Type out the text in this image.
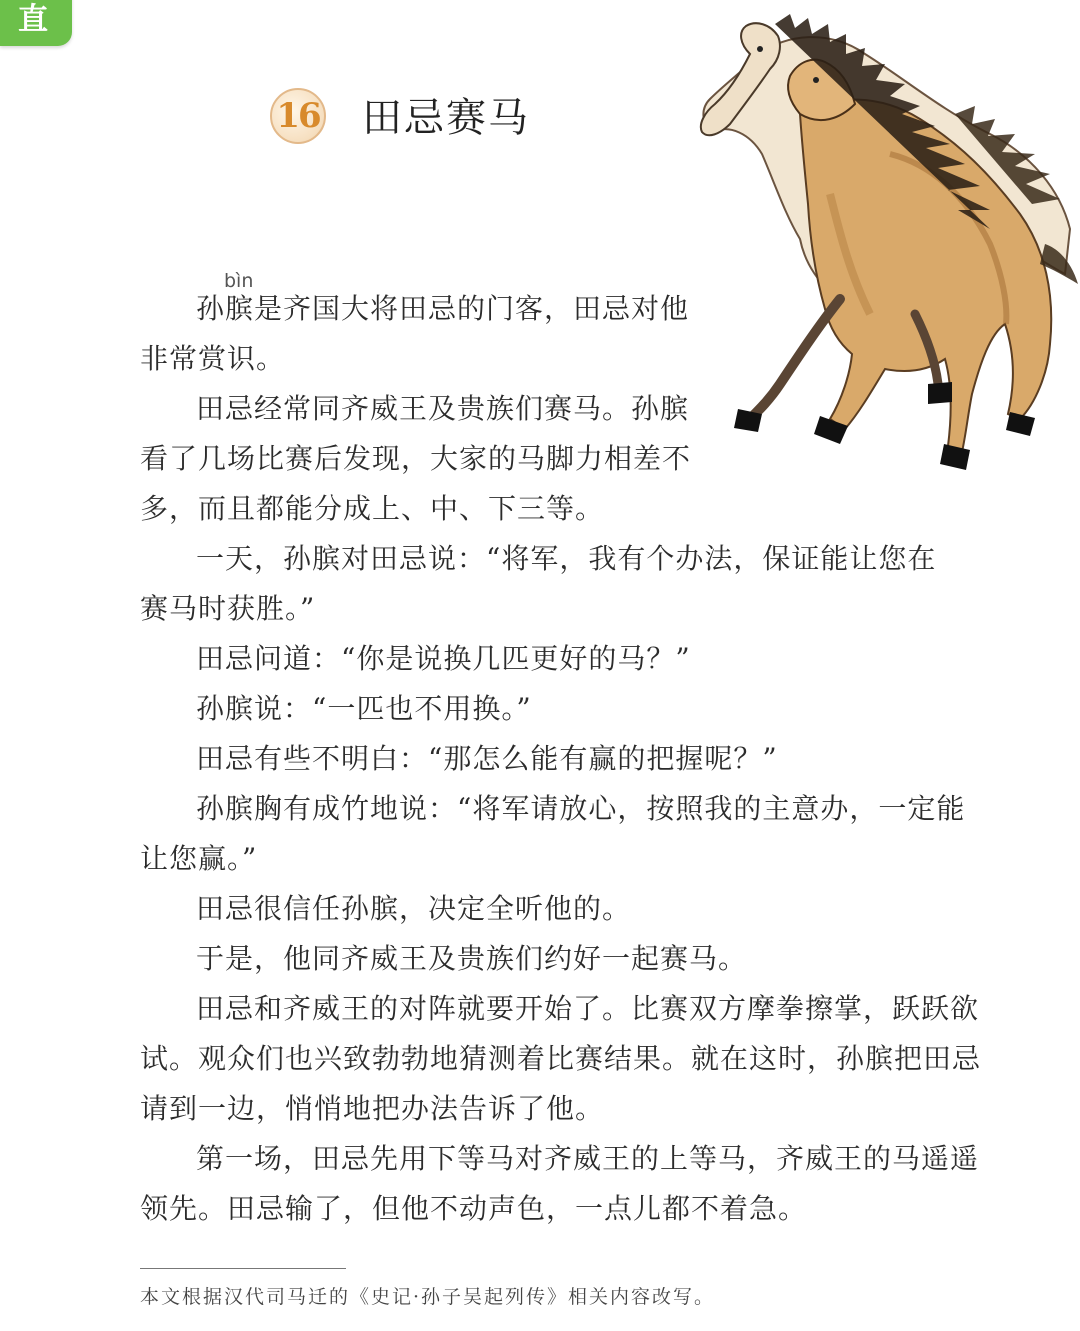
直
16 田忌赛马
bìn
孙膑是齐国大将田忌的门客，田忌对他
非常赏识。
田忌经常同齐威王及贵族们赛马。孙膑
看了几场比赛后发现，大家的马脚力相差不
多，而且都能分成上、中、下三等。
一天，孙膑对田忌说：“将军，我有个办法，保证能让您在
赛马时获胜。”
田忌问道：“你是说换几匹更好的马？”
孙膑说：“一匹也不用换。”
田忌有些不明白：“那怎么能有赢的把握呢？”
孙膑胸有成竹地说：“将军请放心，按照我的主意办，一定能
让您赢。”
田忌很信任孙膑，决定全听他的。
于是，他同齐威王及贵族们约好一起赛马。
田忌和齐威王的对阵就要开始了。比赛双方摩拳擦掌，跃跃欲
试。观众们也兴致勃勃地猜测着比赛结果。就在这时，孙膑把田忌
请到一边，悄悄地把办法告诉了他。
第一场，田忌先用下等马对齐威王的上等马，齐威王的马遥遥
领先。田忌输了，但他不动声色，一点儿都不着急。
本文根据汉代司马迁的《史记·孙子吴起列传》相关内容改写。
